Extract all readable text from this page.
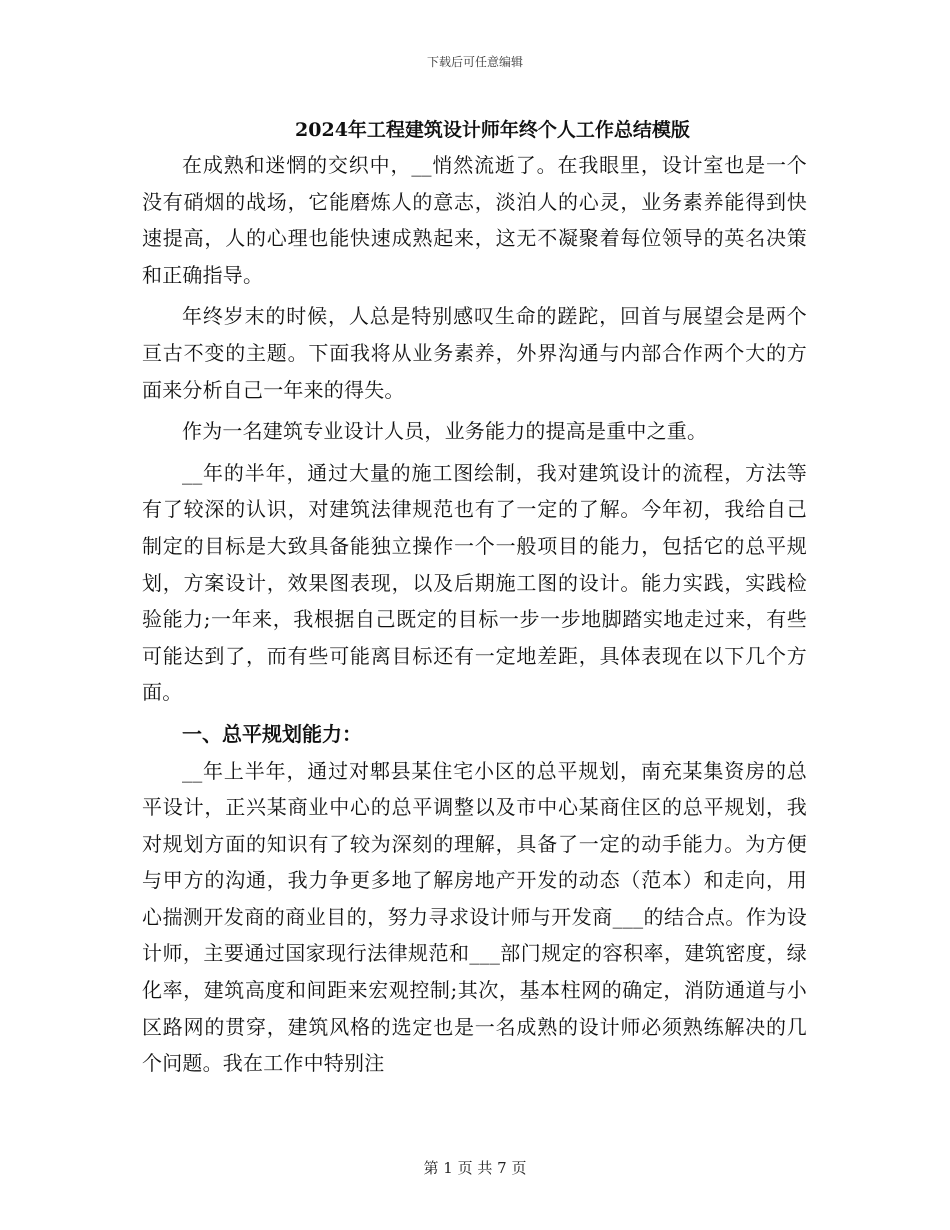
下载后可任意编辑
2024年工程建筑设计师年终个人工作总结模版

在成熟和迷惘的交织中，__悄然流逝了。在我眼里，设计室也是一个没有硝烟的战场，它能磨炼人的意志，淡泊人的心灵，业务素养能得到快速提高，人的心理也能快速成熟起来，这无不凝聚着每位领导的英名决策和正确指导。

年终岁末的时候，人总是特别感叹生命的蹉跎，回首与展望会是两个亘古不变的主题。下面我将从业务素养，外界沟通与内部合作两个大的方面来分析自己一年来的得失。

作为一名建筑专业设计人员，业务能力的提高是重中之重。

__年的半年，通过大量的施工图绘制，我对建筑设计的流程，方法等有了较深的认识，对建筑法律规范也有了一定的了解。今年初，我给自己制定的目标是大致具备能独立操作一个一般项目的能力，包括它的总平规划，方案设计，效果图表现，以及后期施工图的设计。能力实践，实践检验能力;一年来，我根据自己既定的目标一步一步地脚踏实地走过来，有些可能达到了，而有些可能离目标还有一定地差距，具体表现在以下几个方面。

一、总平规划能力：

__年上半年，通过对郫县某住宅小区的总平规划，南充某集资房的总平设计，正兴某商业中心的总平调整以及市中心某商住区的总平规划，我对规划方面的知识有了较为深刻的理解，具备了一定的动手能力。为方便与甲方的沟通，我力争更多地了解房地产开发的动态（范本）和走向，用心揣测开发商的商业目的，努力寻求设计师与开发商___的结合点。作为设计师，主要通过国家现行法律规范和___部门规定的容积率，建筑密度，绿化率，建筑高度和间距来宏观控制;其次，基本柱网的确定，消防通道与小区路网的贯穿，建筑风格的选定也是一名成熟的设计师必须熟练解决的几个问题。我在工作中特别注

第 1 页 共 7 页
